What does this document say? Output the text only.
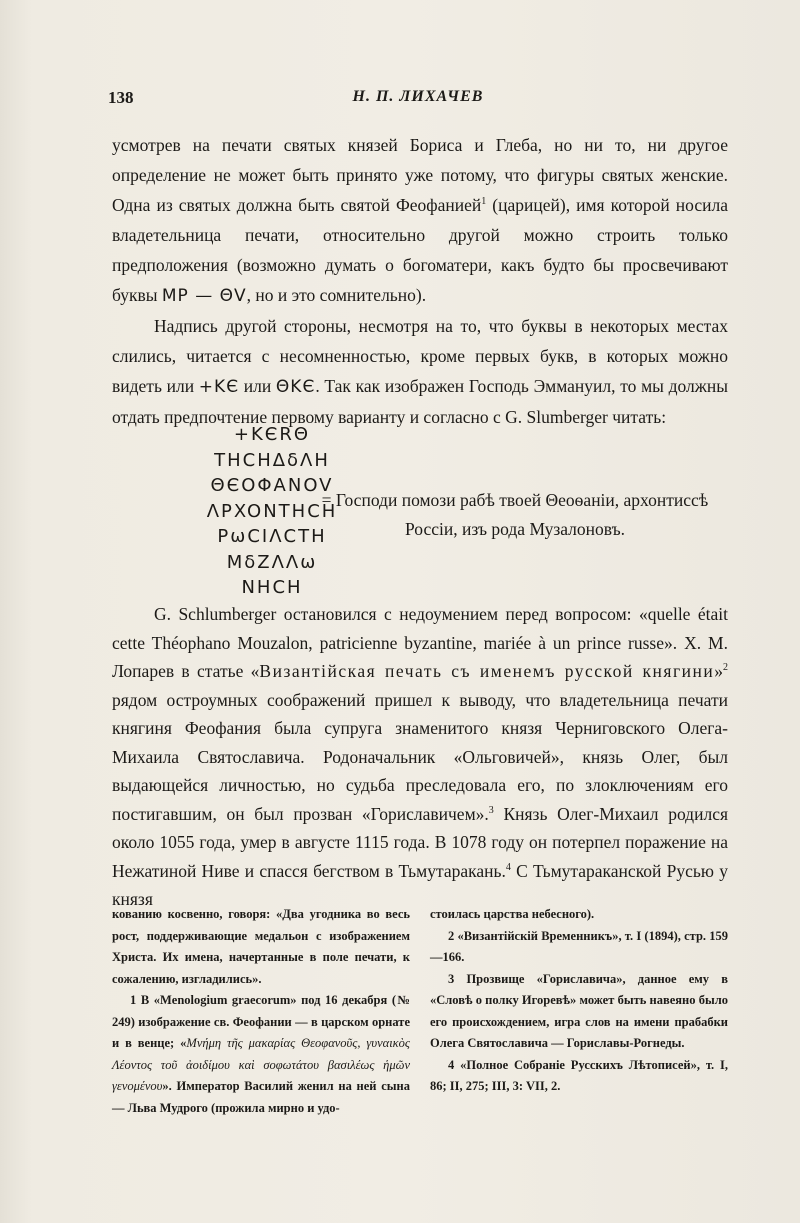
138	Н. П. ЛИХАЧЕВ

усмотрев на печати святых князей Бориса и Глеба, но ни то, ни другое определение не может быть принято уже потому, что фигуры святых женские. Одна из святых должна быть святой Феофанией$^1$ (царицей), имя которой носила владетельница печати, относительно другой можно строить только предположения (возможно думать о богоматери, какъ будто бы просвечивают буквы MP — ΘV, но и это сомнительно).

Надпись другой стороны, несмотря на то, что буквы в некоторых местах слились, читается с несомненностью, кроме первых букв, в которых можно видеть или +KЄ или ΘKЄ. Так как изображен Господь Эммануил, то мы должны отдать предпочтение первому варианту и согласно с G. Slumberger читать:

+KЄRΘ
THCHΔδΛH
ΘЄOΦANOV
ΛPXONTHCH
PωCIΛCTH
MδZΛΛω
NHCH
= Господи помози рабѣ твоей Θеоѳаніи, архонтиссѣ Россіи, изъ рода Музалоновъ.

G. Schlumberger остановился с недоумением перед вопросом: «quelle était cette Théophano Mouzalon, patricienne byzantine, mariée à un prince russe». Х. М. Лопарев в статье «Византійская печать съ именемъ русской княгини»$^2$ рядом остроумных соображений пришел к выводу, что владетельница печати княгиня Феофания была супруга знаменитого князя Черниговского Олега-Михаила Святославича. Родоначальник «Ольговичей», князь Олег, был выдающейся личностью, но судьба преследовала его, по злоключениям его постигавшим, он был прозван «Гориславичем».$^3$ Князь Олег-Михаил родился около 1055 года, умер в августе 1115 года. В 1078 году он потерпел поражение на Нежатиной Ниве и спасся бегством в Тьмутаракань.$^4$ С Тьмутараканской Русью у князя

кованию косвенно, говоря: «Два угодника во весь рост, поддерживающие медальон с изображением Христа. Их имена, начертанные в поле печати, к сожалению, изгладились».

1 В «Menologium graecorum» под 16 декабря (№ 249) изображение св. Феофании — в царском орнате и в венце; «Μνήμη τῆς μακαρίας Θεοφανοῦς, γυναικὸς Λέοντος τοῦ ἀοιδίμου καὶ σοφωτάτου βασιλέως ἡμῶν γενομένου». Император Василий женил на ней сына — Льва Мудрого (прожила мирно и удо-

стоилась царства небесного).

2 «Византійскій Временникъ», т. I (1894), стр. 159—166.

3 Прозвище «Гориславича», данное ему в «Словѣ о полку Игоревѣ» может быть навеяно было его происхождением, игра слов на имени прабабки Олега Святославича — Гориславы-Рогнеды.

4 «Полное Собраніе Русскихъ Лѣтописей», т. I, 86; II, 275; III, 3: VII, 2.
